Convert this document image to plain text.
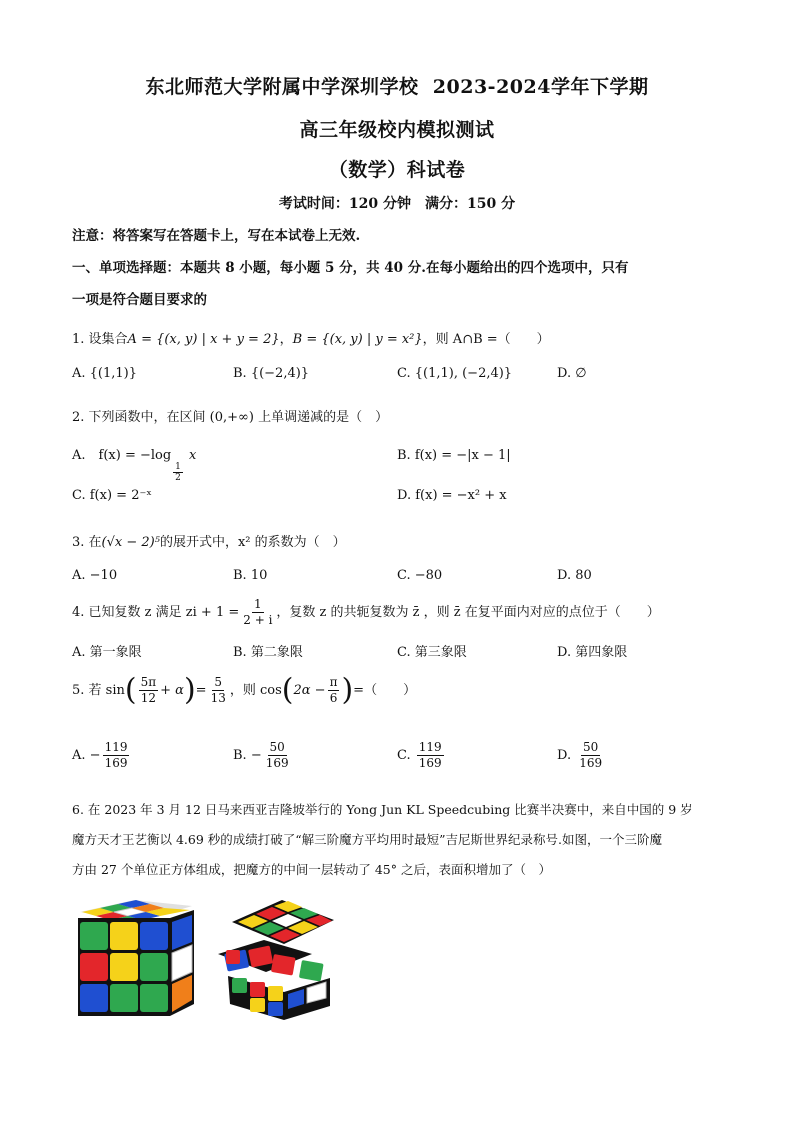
东北师范大学附属中学深圳学校 2023-2024学年下学期
高三年级校内模拟测试
（数学）科试卷
考试时间：120 分钟　满分：150 分
注意：将答案写在答题卡上，写在本试卷上无效.
一、单项选择题：本题共 8 小题，每小题 5 分，共 40 分.在每小题给出的四个选项中，只有
一项是符合题目要求的
1. 设集合A = {(x, y) | x + y = 2}，B = {(x, y) | y = x²}，则 A∩B =（　　）
A. {(1,1)}	B. {(−2,4)}	C. {(1,1), (−2,4)}	D. ∅
2. 下列函数中，在区间 (0,+∞) 上单调递减的是（　）
A.　f(x) = −log
$\frac{1}{2}$
x	B. f(x) = −|x − 1|
C. f(x) = 2⁻ˣ	D. f(x) = −x² + x
3. 在(√x − 2)⁵的展开式中，x² 的系数为（　）
A. −10	B. 10	C. −80	D. 80
4. 已知复数 z 满足 zi + $1 = \frac{1}{2 + i}$ ，复数 z 的共轭复数为 z̄ ，则 z̄ 在复平面内对应的点位于（　　）
A. 第一象限	B. 第二象限	C. 第三象限	D. 第四象限
5. 若 $\sin( \frac{5\pi}{12} + \alpha)= \frac{5}{13}$ ，则 $\cos(2\alpha - \frac{\pi}{6}$ )=（　　）
A. − $\frac{119}{169}$	B. − $\frac{50}{169}$	C. $\frac{119}{169}$	D. $\frac{50}{169}$
6. 在 2023 年 3 月 12 日马来西亚吉隆坡举行的 Yong Jun KL Speedcubing 比赛半决赛中，来自中国的 9 岁
魔方天才王艺衡以 4.69 秒的成绩打破了“解三阶魔方平均用时最短”吉尼斯世界纪录称号.如图，一个三阶魔
方由 27 个单位正方体组成，把魔方的中间一层转动了 45° 之后，表面积增加了（　）
